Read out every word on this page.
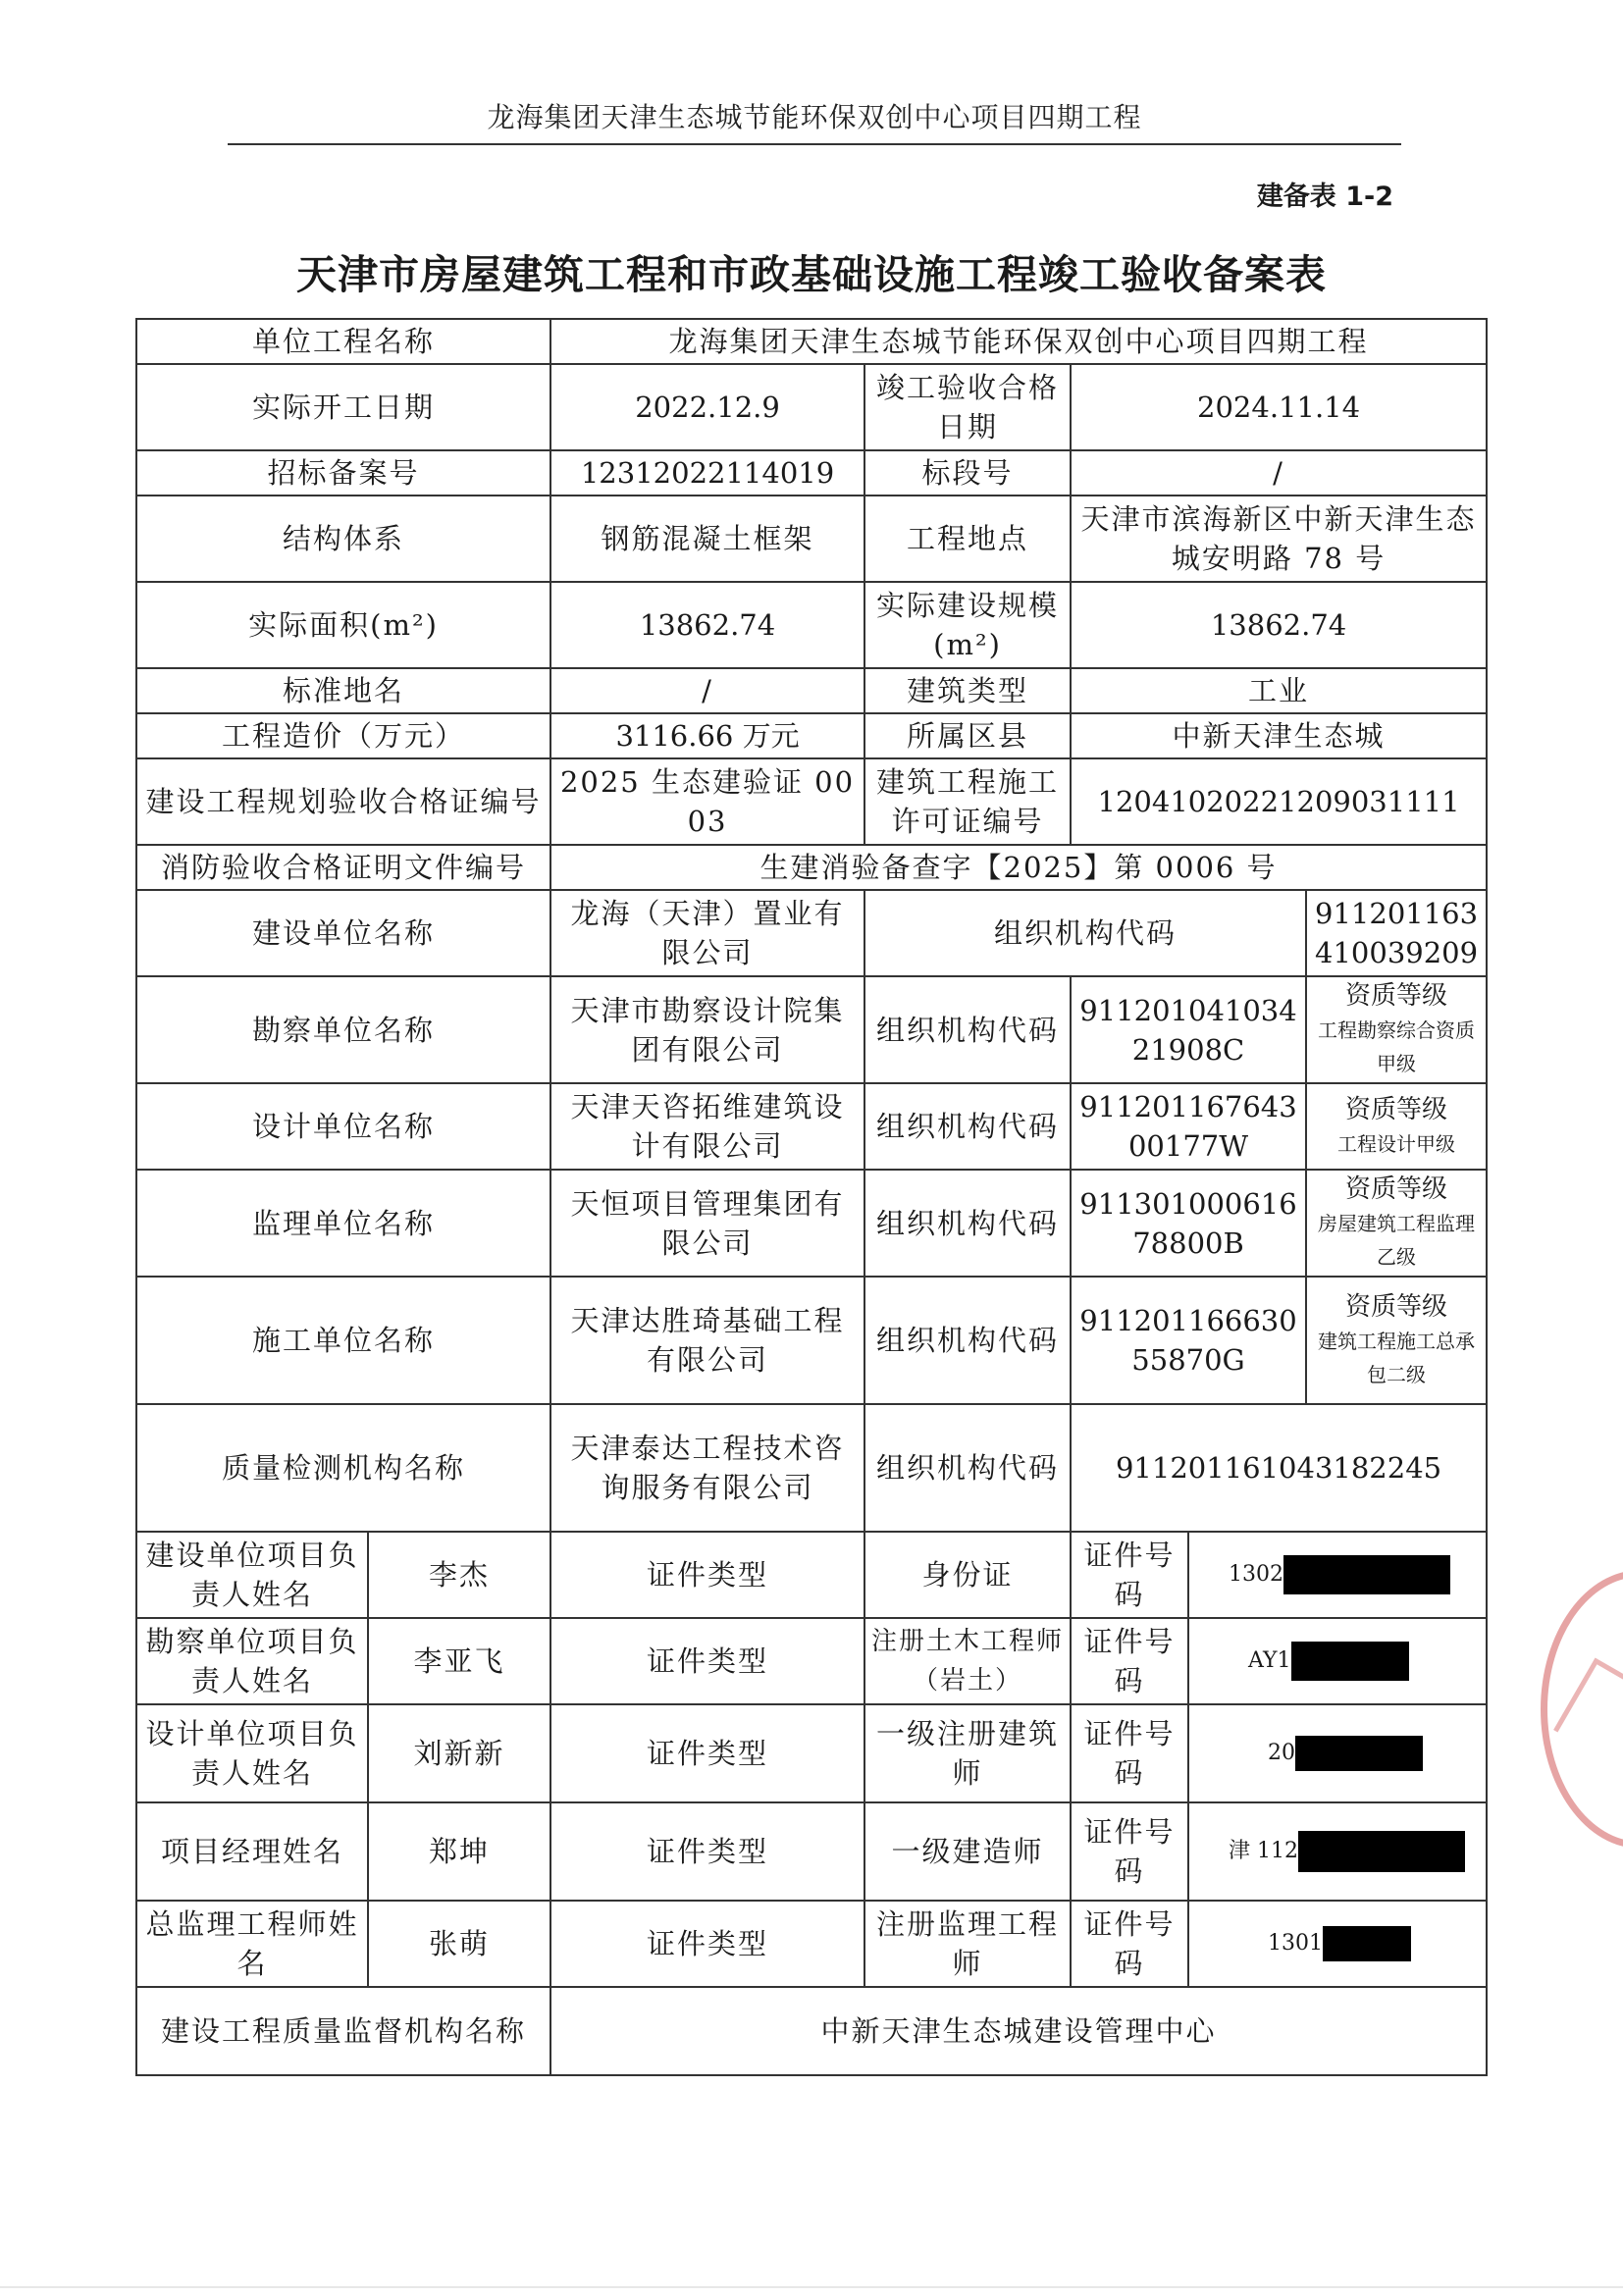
龙海集团天津生态城节能环保双创中心项目四期工程
建备表 1-2
天津市房屋建筑工程和市政基础设施工程竣工验收备案表
单位工程名称		龙海集团天津生态城节能环保双创中心项目四期工程				
实际开工日期		2022.12.9	竣工验收合格日期	2024.11.14		
招标备案号		12312022114019	标段号	/		
结构体系		钢筋混凝土框架	工程地点	天津市滨海新区中新天津生态城安明路 78 号		
实际面积(m²)		13862.74	实际建设规模(m²)	13862.74		
标准地名		/	建筑类型	工业		
工程造价（万元）		3116.66 万元	所属区县	中新天津生态城		
建设工程规划验收合格证编号		2025 生态建验证 0003	建筑工程施工许可证编号	12041020221209031111		
消防验收合格证明文件编号		生建消验备查字【2025】第 0006 号				
建设单位名称		龙海（天津）置业有限公司	组织机构代码			911201163410039209
勘察单位名称		天津市勘察设计院集团有限公司	组织机构代码	91120104103421908C		资质等级
工程勘察综合资质甲级
设计单位名称		天津天咨拓维建筑设计有限公司	组织机构代码	91120116764300177W		资质等级
工程设计甲级
监理单位名称		天恒项目管理集团有限公司	组织机构代码	91130100061678800B		资质等级
房屋建筑工程监理乙级
施工单位名称		天津达胜琦基础工程有限公司	组织机构代码	91120116663055870G		资质等级
建筑工程施工总承包二级
质量检测机构名称		天津泰达工程技术咨询服务有限公司	组织机构代码	911201161043182245		
建设单位项目负责人姓名	李杰	证件类型	身份证	证件号码	1302	
勘察单位项目负责人姓名	李亚飞	证件类型	注册土木工程师（岩土）	证件号码	AY1	
设计单位项目负责人姓名	刘新新	证件类型	一级注册建筑师	证件号码	20	
项目经理姓名	郑坤	证件类型	一级建造师	证件号码	津 112	
总监理工程师姓名	张萌	证件类型	注册监理工程师	证件号码	1301	
建设工程质量监督机构名称		中新天津生态城建设管理中心				
